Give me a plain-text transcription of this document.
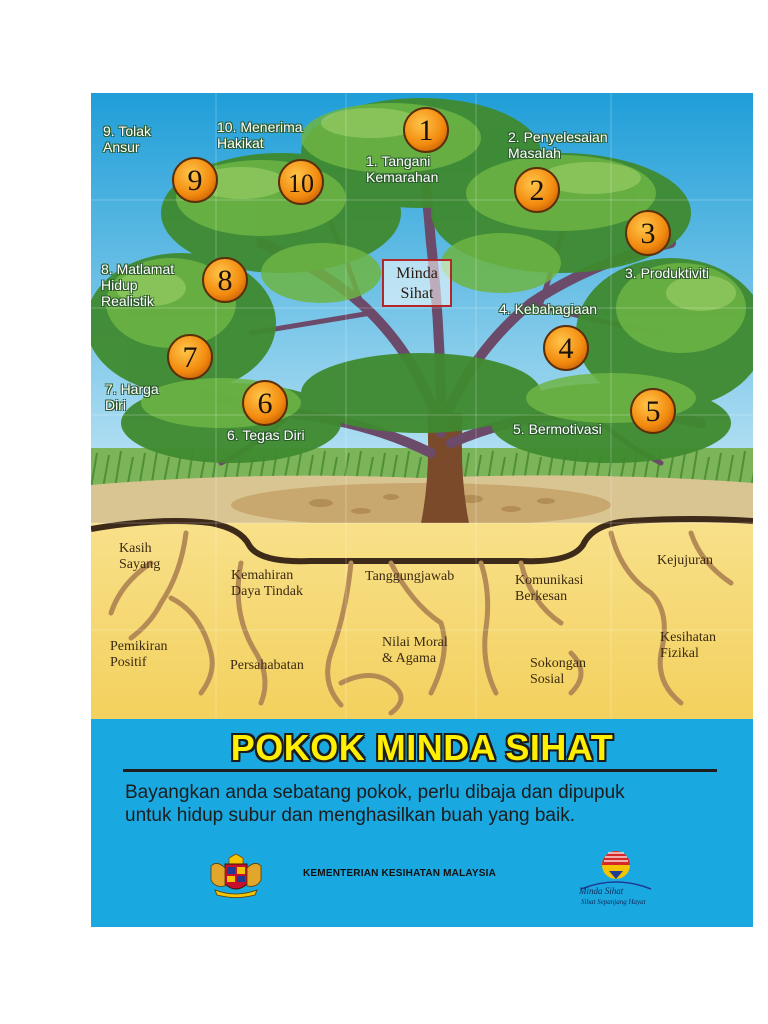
1
2
3
4
5
6
7
8
9	10
1. Tangani
Kemarahan
2. Penyelesaian
Masalah
3. Produktiviti
4. Kebahagiaan
5. Bermotivasi
6. Tegas Diri
7. Harga
Diri
8. Matlamat
Hidup
Realistik
9. Tolak
Ansur
10. Menerima
Hakikat
Minda
Sihat
Kasih
Sayang
Kemahiran
Daya Tindak
Tanggungjawab	Komunikasi
Berkesan
Kejujuran
Pemikiran
Positif	Persahabatan
Nilai Moral
& Agama	Sokongan
Sosial
Kesihatan
Fizikal
POKOK MINDA SIHAT
Bayangkan anda sebatang pokok, perlu dibaja dan dipupuk
untuk hidup subur dan menghasilkan buah yang baik.
KEMENTERIAN KESIHATAN MALAYSIA
Minda Sihat
Sihat Sepanjang Hayat
